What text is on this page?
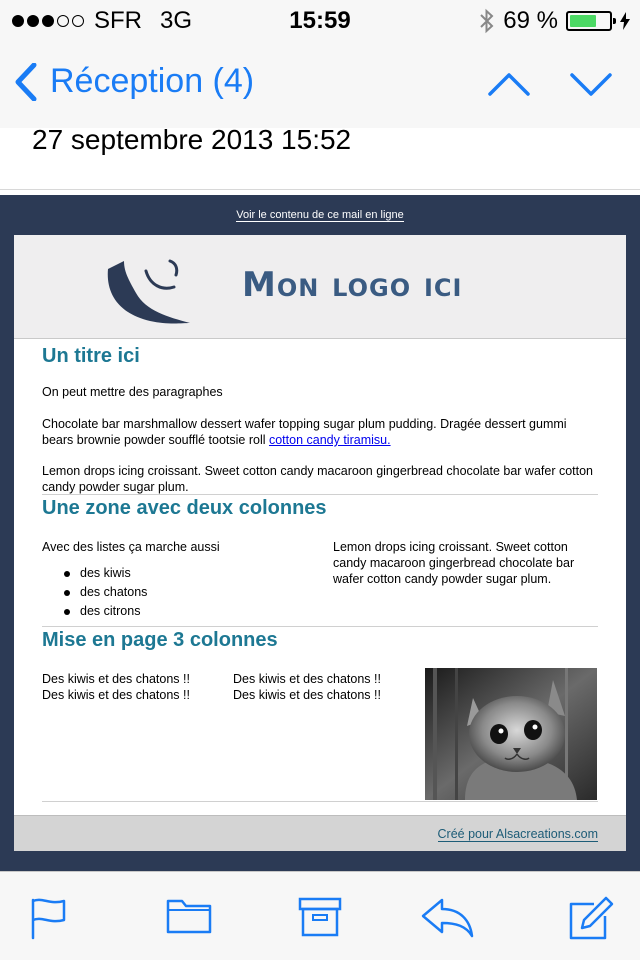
SFR 3G	15:59	69 %
Réception (4)
27 septembre 2013 15:52
Voir le contenu de ce mail en ligne
Mon logo ici
Un titre ici
On peut mettre des paragraphes
Chocolate bar marshmallow dessert wafer topping sugar plum pudding. Dragée dessert gummi bears brownie powder soufflé tootsie roll cotton candy tiramisu.
Lemon drops icing croissant. Sweet cotton candy macaroon gingerbread chocolate bar wafer cotton candy powder sugar plum.
Une zone avec deux colonnes
Avec des listes ça marche aussi
des kiwis
des chatons
des citrons
Lemon drops icing croissant. Sweet cotton candy macaroon gingerbread chocolate bar wafer cotton candy powder sugar plum.
Mise en page 3 colonnes
Des kiwis et des chatons !!
Des kiwis et des chatons !!
Des kiwis et des chatons !!
Des kiwis et des chatons !!
Créé pour Alsacreations.com
